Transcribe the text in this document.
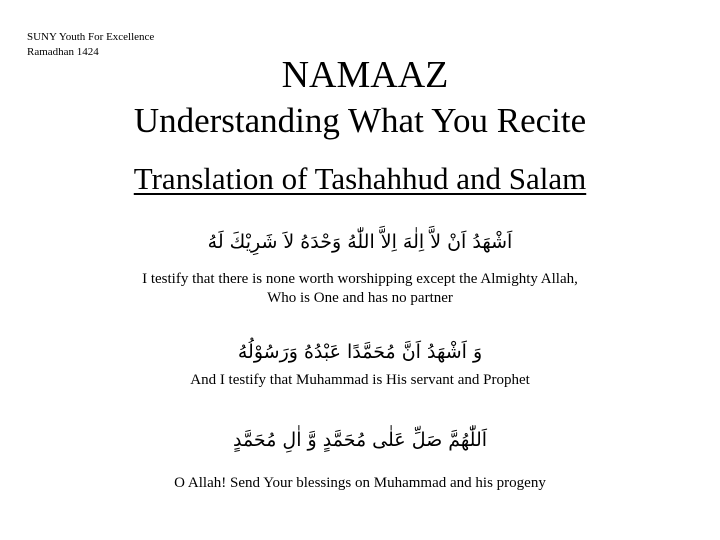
SUNY Youth For Excellence
Ramadhan 1424
NAMAAZ
Understanding What You Recite
Translation of Tashahhud and Salam
اَشْهَدُ اَنْ لاَّ اِلٰهَ اِلاَّ اللّٰهُ وَحْدَهُ لاَ شَرِيْكَ لَهُ
I testify that there is none worth worshipping except the Almighty Allah,
Who is One and has no partner
وَ اَشْهَدُ اَنَّ مُحَمَّدًا عَبْدُهُ وَرَسُوْلُهُ
And I testify that Muhammad is His servant and Prophet
اَللّٰهُمَّ صَلِّ عَلٰى مُحَمَّدٍ وَّ اٰلِ مُحَمَّدٍ
O Allah! Send Your blessings on Muhammad and his progeny
